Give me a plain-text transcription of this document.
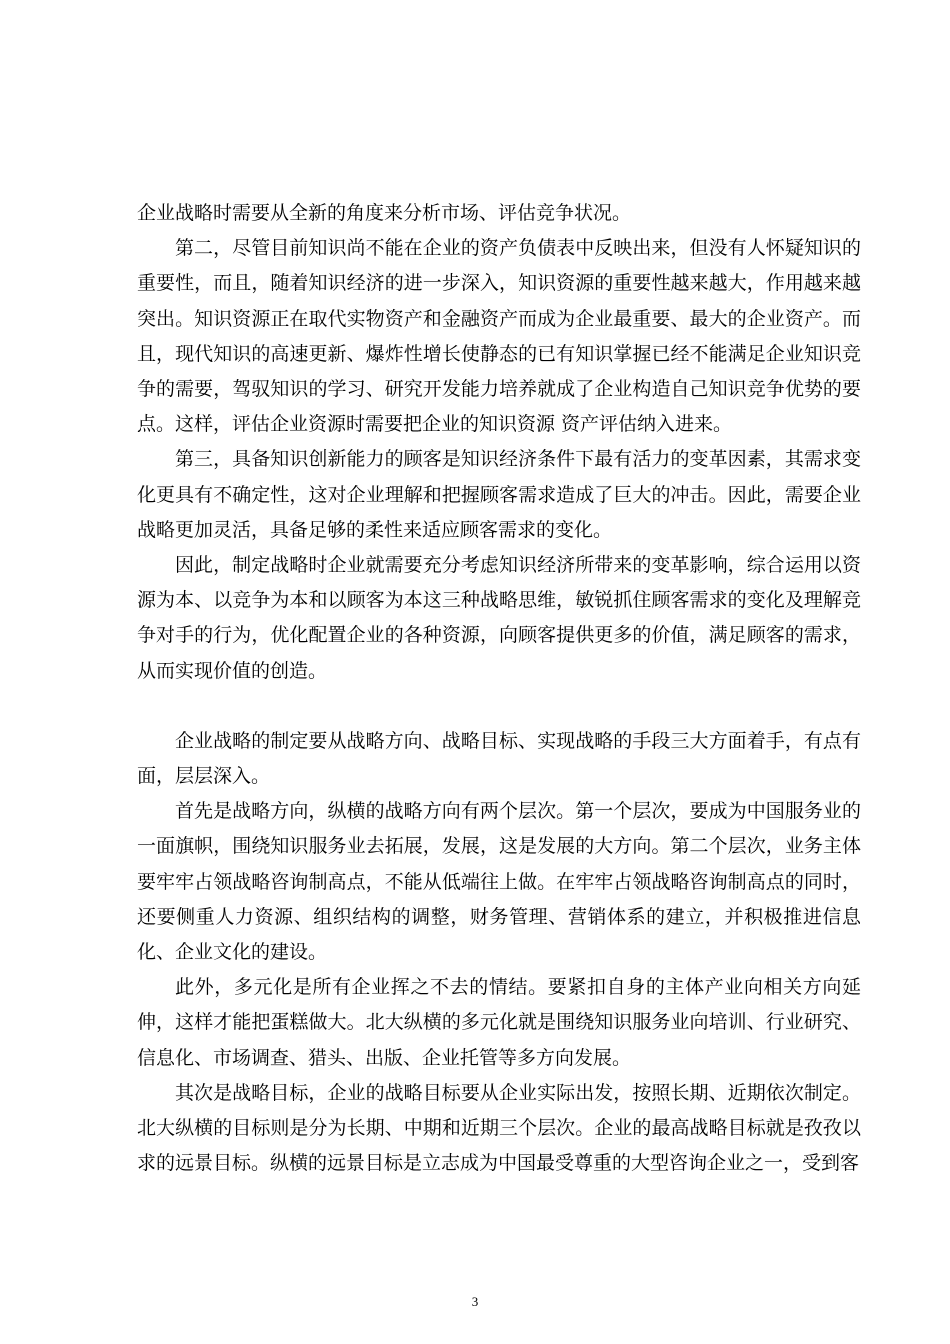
企业战略时需要从全新的角度来分析市场、评估竞争状况。

第二，尽管目前知识尚不能在企业的资产负债表中反映出来，但没有人怀疑知识的重要性，而且，随着知识经济的进一步深入，知识资源的重要性越来越大，作用越来越突出。知识资源正在取代实物资产和金融资产而成为企业最重要、最大的企业资产。而且，现代知识的高速更新、爆炸性增长使静态的已有知识掌握已经不能满足企业知识竞争的需要，驾驭知识的学习、研究开发能力培养就成了企业构造自己知识竞争优势的要点。这样，评估企业资源时需要把企业的知识资源 资产评估纳入进来。

第三，具备知识创新能力的顾客是知识经济条件下最有活力的变革因素，其需求变化更具有不确定性，这对企业理解和把握顾客需求造成了巨大的冲击。因此，需要企业战略更加灵活，具备足够的柔性来适应顾客需求的变化。

因此，制定战略时企业就需要充分考虑知识经济所带来的变革影响，综合运用以资源为本、以竞争为本和以顾客为本这三种战略思维，敏锐抓住顾客需求的变化及理解竞争对手的行为，优化配置企业的各种资源，向顾客提供更多的价值，满足顾客的需求，从而实现价值的创造。

企业战略的制定要从战略方向、战略目标、实现战略的手段三大方面着手，有点有面，层层深入。

首先是战略方向，纵横的战略方向有两个层次。第一个层次，要成为中国服务业的一面旗帜，围绕知识服务业去拓展，发展，这是发展的大方向。第二个层次，业务主体要牢牢占领战略咨询制高点，不能从低端往上做。在牢牢占领战略咨询制高点的同时，还要侧重人力资源、组织结构的调整，财务管理、营销体系的建立，并积极推进信息化、企业文化的建设。

此外，多元化是所有企业挥之不去的情结。要紧扣自身的主体产业向相关方向延伸，这样才能把蛋糕做大。北大纵横的多元化就是围绕知识服务业向培训、行业研究、信息化、市场调查、猎头、出版、企业托管等多方向发展。

其次是战略目标，企业的战略目标要从企业实际出发，按照长期、近期依次制定。北大纵横的目标则是分为长期、中期和近期三个层次。企业的最高战略目标就是孜孜以求的远景目标。纵横的远景目标是立志成为中国最受尊重的大型咨询企业之一，受到客

3
